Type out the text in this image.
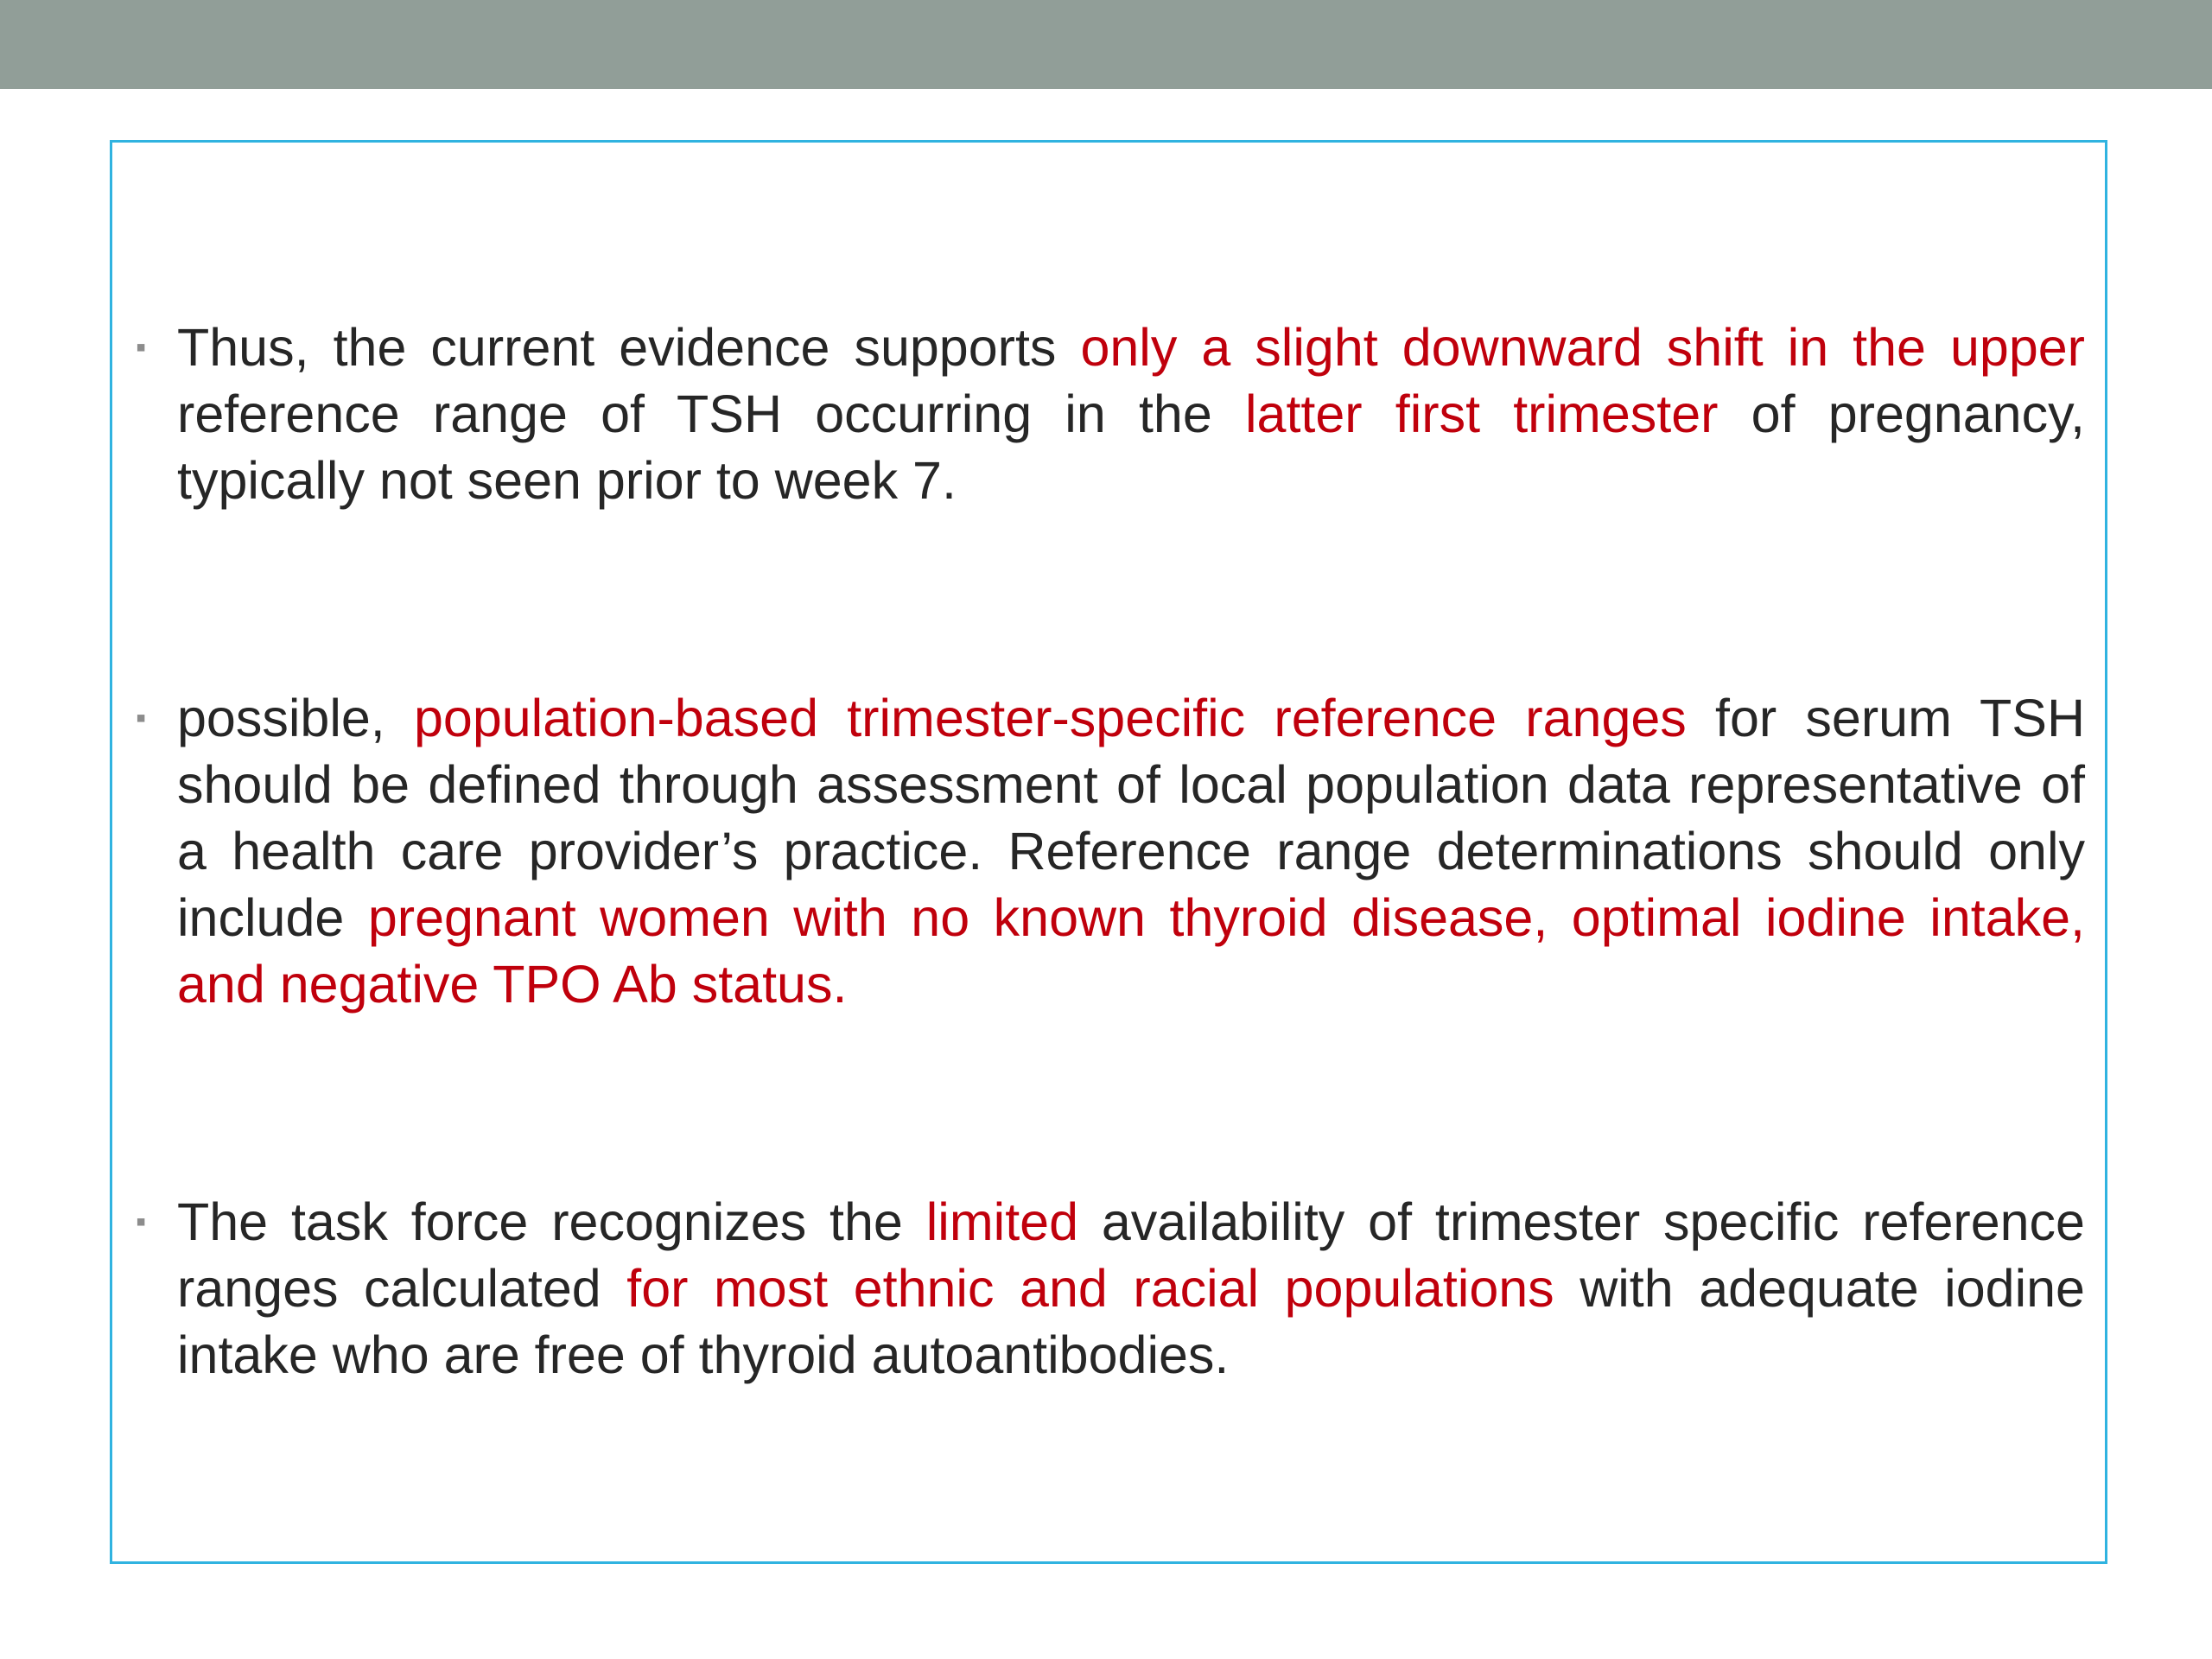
▪ Thus, the current evidence supports only a slight downward shift in the upper reference range of TSH occurring in the latter first trimester of pregnancy, typically not seen prior to week 7.
▪ possible, population-based trimester-specific reference ranges for serum TSH should be defined through assessment of local population data representative of a health care provider’s practice. Reference range determinations should only include pregnant women with no known thyroid disease, optimal iodine intake, and negative TPO Ab status.
▪ The task force recognizes the limited availability of trimester specific reference ranges calculated for most ethnic and racial populations with adequate iodine intake who are free of thyroid autoantibodies.
